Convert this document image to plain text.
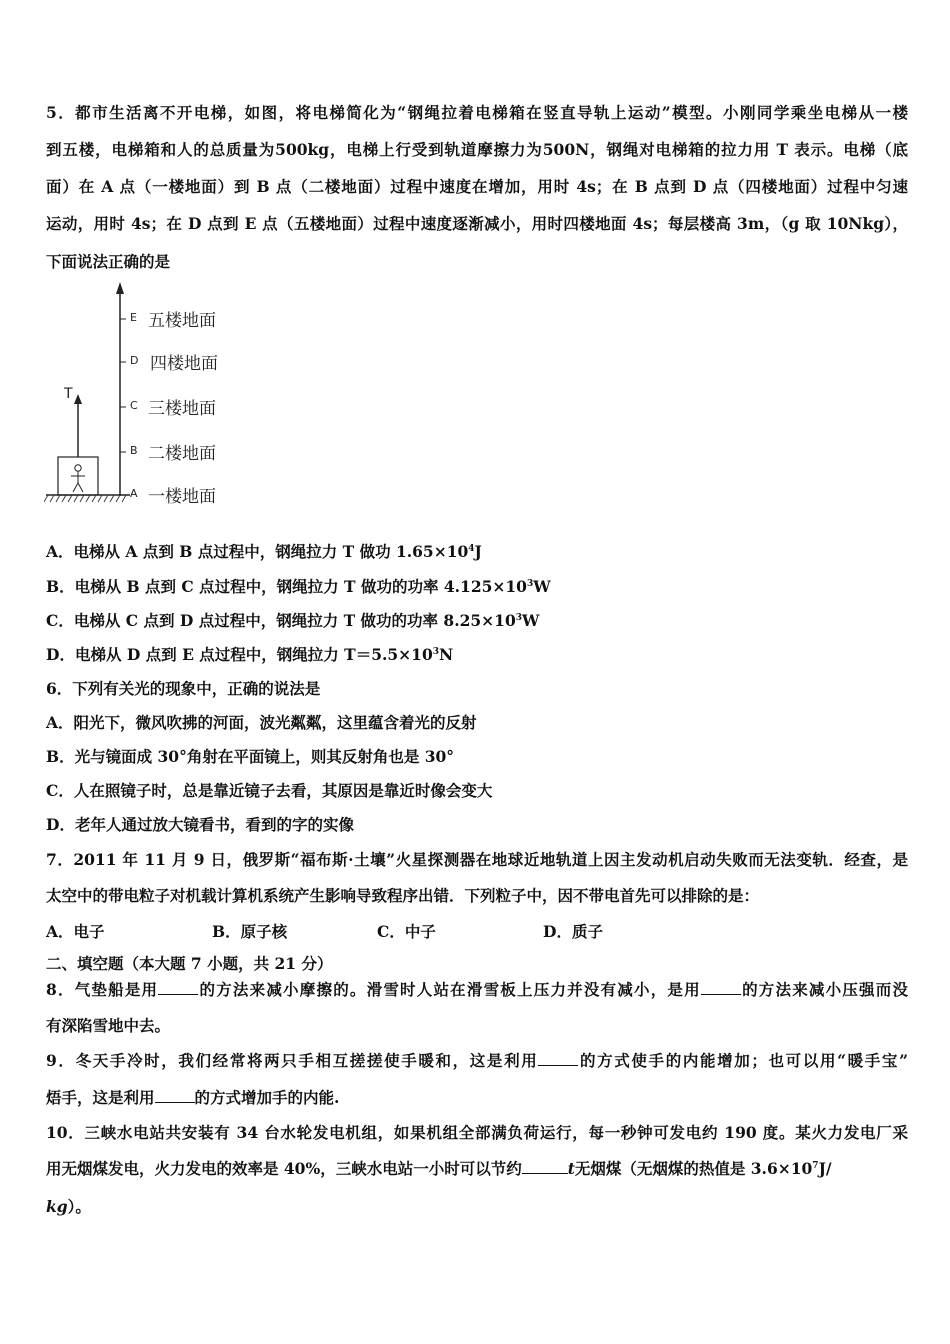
5．都市生活离不开电梯，如图，将电梯简化为“钢绳拉着电梯箱在竖直导轨上运动”模型。小刚同学乘坐电梯从一楼
到五楼，电梯箱和人的总质量为500kg，电梯上行受到轨道摩擦力为500N，钢绳对电梯箱的拉力用 T 表示。电梯（底
面）在 A 点（一楼地面）到 B 点（二楼地面）过程中速度在增加，用时 4s；在 B 点到 D 点（四楼地面）过程中匀速
运动，用时 4s；在 D 点到 E 点（五楼地面）过程中速度逐渐减小，用时四楼地面 4s；每层楼高 3m，（g 取 10Nkg），
下面说法正确的是
T
E 五楼地面
D 四楼地面
C 三楼地面
B 二楼地面
A 一楼地面
A．电梯从 A 点到 B 点过程中，钢绳拉力 T 做功 $1.65\times 10^4J$
B．电梯从 B 点到 C 点过程中，钢绳拉力 T 做功的功率 $4.125\times 10^3W$
C．电梯从 C 点到 D 点过程中，钢绳拉力 T 做功的功率 $8.25\times 10^3W$
D．电梯从 D 点到 E 点过程中，钢绳拉力 $T=5.5\times 10^3N$
6．下列有关光的现象中，正确的说法是
A．阳光下，微风吹拂的河面，波光粼粼，这里蕴含着光的反射
B．光与镜面成 30°角射在平面镜上，则其反射角也是 30°
C．人在照镜子时，总是靠近镜子去看，其原因是靠近时像会变大
D．老年人通过放大镜看书，看到的字的实像
7．2011 年 11 月 9 日，俄罗斯“福布斯·土壤”火星探测器在地球近地轨道上因主发动机启动失败而无法变轨．经查，是
太空中的带电粒子对机载计算机系统产生影响导致程序出错．下列粒子中，因不带电首先可以排除的是：
A．电子	B．原子核	C．中子	D．质子
二、填空题（本大题 7 小题，共 21 分）
8．气垫船是用	的方法来减小摩擦的。滑雪时人站在滑雪板上压力并没有减小，是用	的方法来减小压强而没
有深陷雪地中去。
9．冬天手冷时，我们经常将两只手相互搓搓使手暖和，这是利用	的方式使手的内能增加；也可以用“暖手宝”
焐手，这是利用	的方式增加手的内能.
10．三峡水电站共安装有 34 台水轮发电机组，如果机组全部满负荷运行，每一秒钟可发电约 190 度。某火力发电厂采
用无烟煤发电，火力发电的效率是 40%，三峡水电站一小时可以节约	t无烟煤（无烟煤的热值是 $3.6\times 10^7J/$
kg）。
